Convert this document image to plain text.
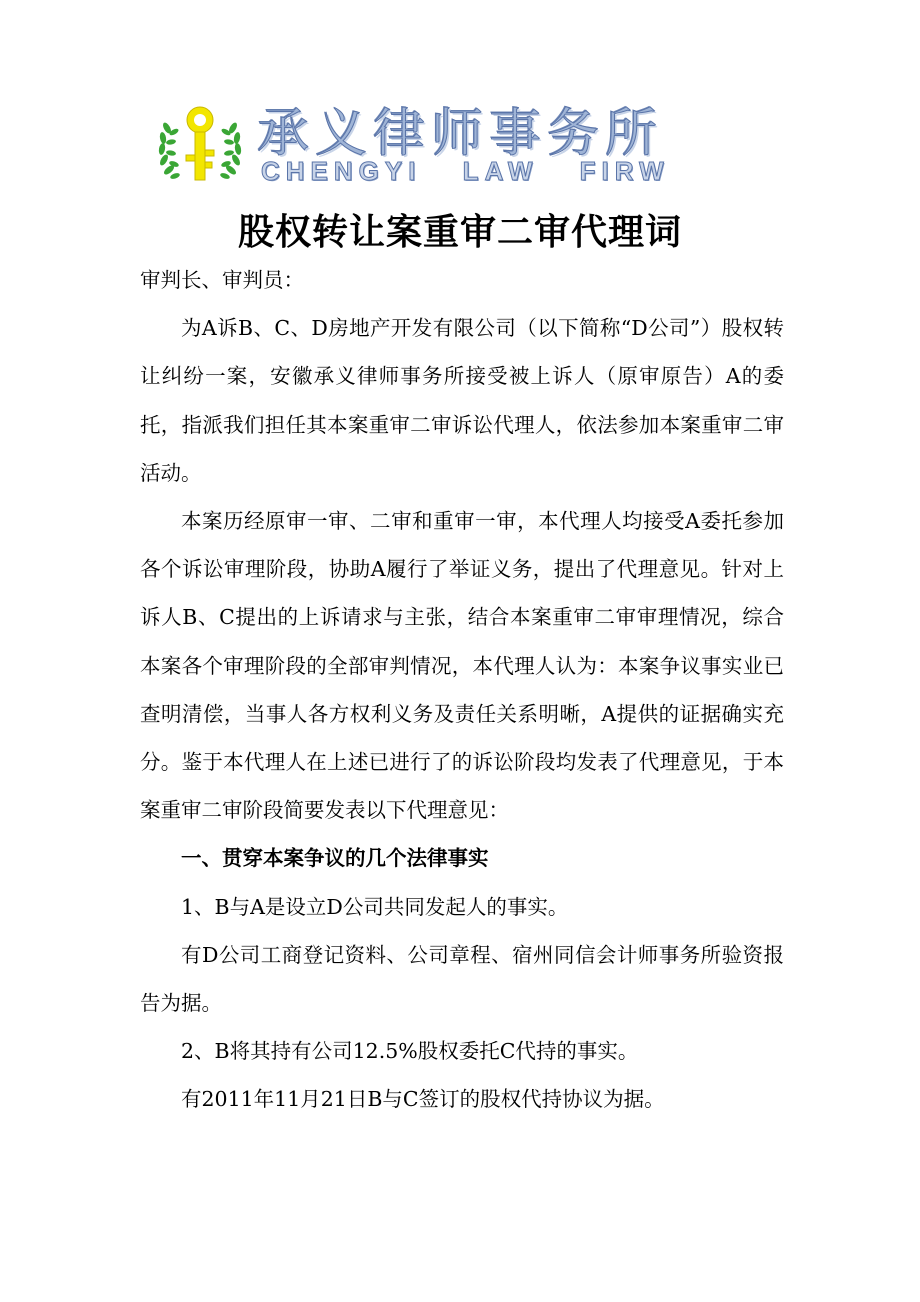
承义律师事务所
CHENGYI LAW FIRW
股权转让案重审二审代理词

审判长、审判员：

为A诉B、C、D房地产开发有限公司（以下简称“D公司”）股权转让纠纷一案，安徽承义律师事务所接受被上诉人（原审原告）A的委托，指派我们担任其本案重审二审诉讼代理人，依法参加本案重审二审活动。

本案历经原审一审、二审和重审一审，本代理人均接受A委托参加各个诉讼审理阶段，协助A履行了举证义务，提出了代理意见。针对上诉人B、C提出的上诉请求与主张，结合本案重审二审审理情况，综合本案各个审理阶段的全部审判情况，本代理人认为：本案争议事实业已查明清偿，当事人各方权利义务及责任关系明晰，A提供的证据确实充分。鉴于本代理人在上述已进行了的诉讼阶段均发表了代理意见，于本案重审二审阶段简要发表以下代理意见：

一、贯穿本案争议的几个法律事实

1、B与A是设立D公司共同发起人的事实。

有D公司工商登记资料、公司章程、宿州同信会计师事务所验资报告为据。

2、B将其持有公司12.5%股权委托C代持的事实。

有2011年11月21日B与C签订的股权代持协议为据。
